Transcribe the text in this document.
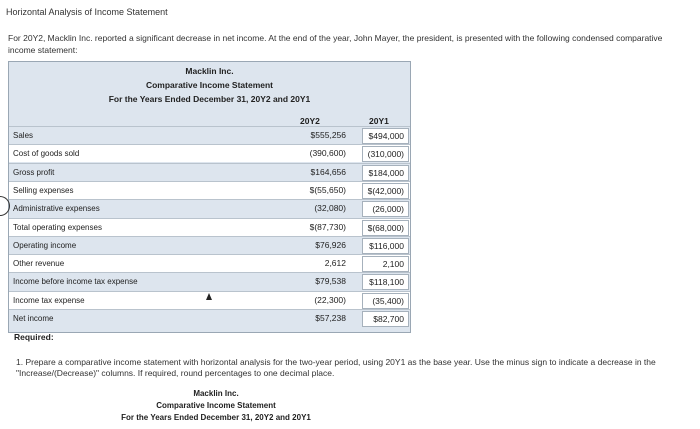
Horizontal Analysis of Income Statement
For 20Y2, Macklin Inc. reported a significant decrease in net income. At the end of the year, John Mayer, the president, is presented with the following condensed comparative income statement:
Macklin Inc.
Comparative Income Statement
For the Years Ended December 31, 20Y2 and 20Y1
20Y2	20Y1
Sales	$555,256	$494,000
Cost of goods sold	(390,600)	(310,000)
Gross profit	$164,656	$184,000
Selling expenses	$(55,650)	$(42,000)
Administrative expenses	(32,080)	(26,000)
Total operating expenses	$(87,730)	$(68,000)
Operating income	$76,926	$116,000
Other revenue	2,612	2,100
Income before income tax expense	$79,538	$118,100
Income tax expense	(22,300)	(35,400)
Net income	$57,238	$82,700
Required:
1. Prepare a comparative income statement with horizontal analysis for the two-year period, using 20Y1 as the base year. Use the minus sign to indicate a decrease in the "Increase/(Decrease)" columns. If required, round percentages to one decimal place.
Macklin Inc.
Comparative Income Statement
For the Years Ended December 31, 20Y2 and 20Y1
